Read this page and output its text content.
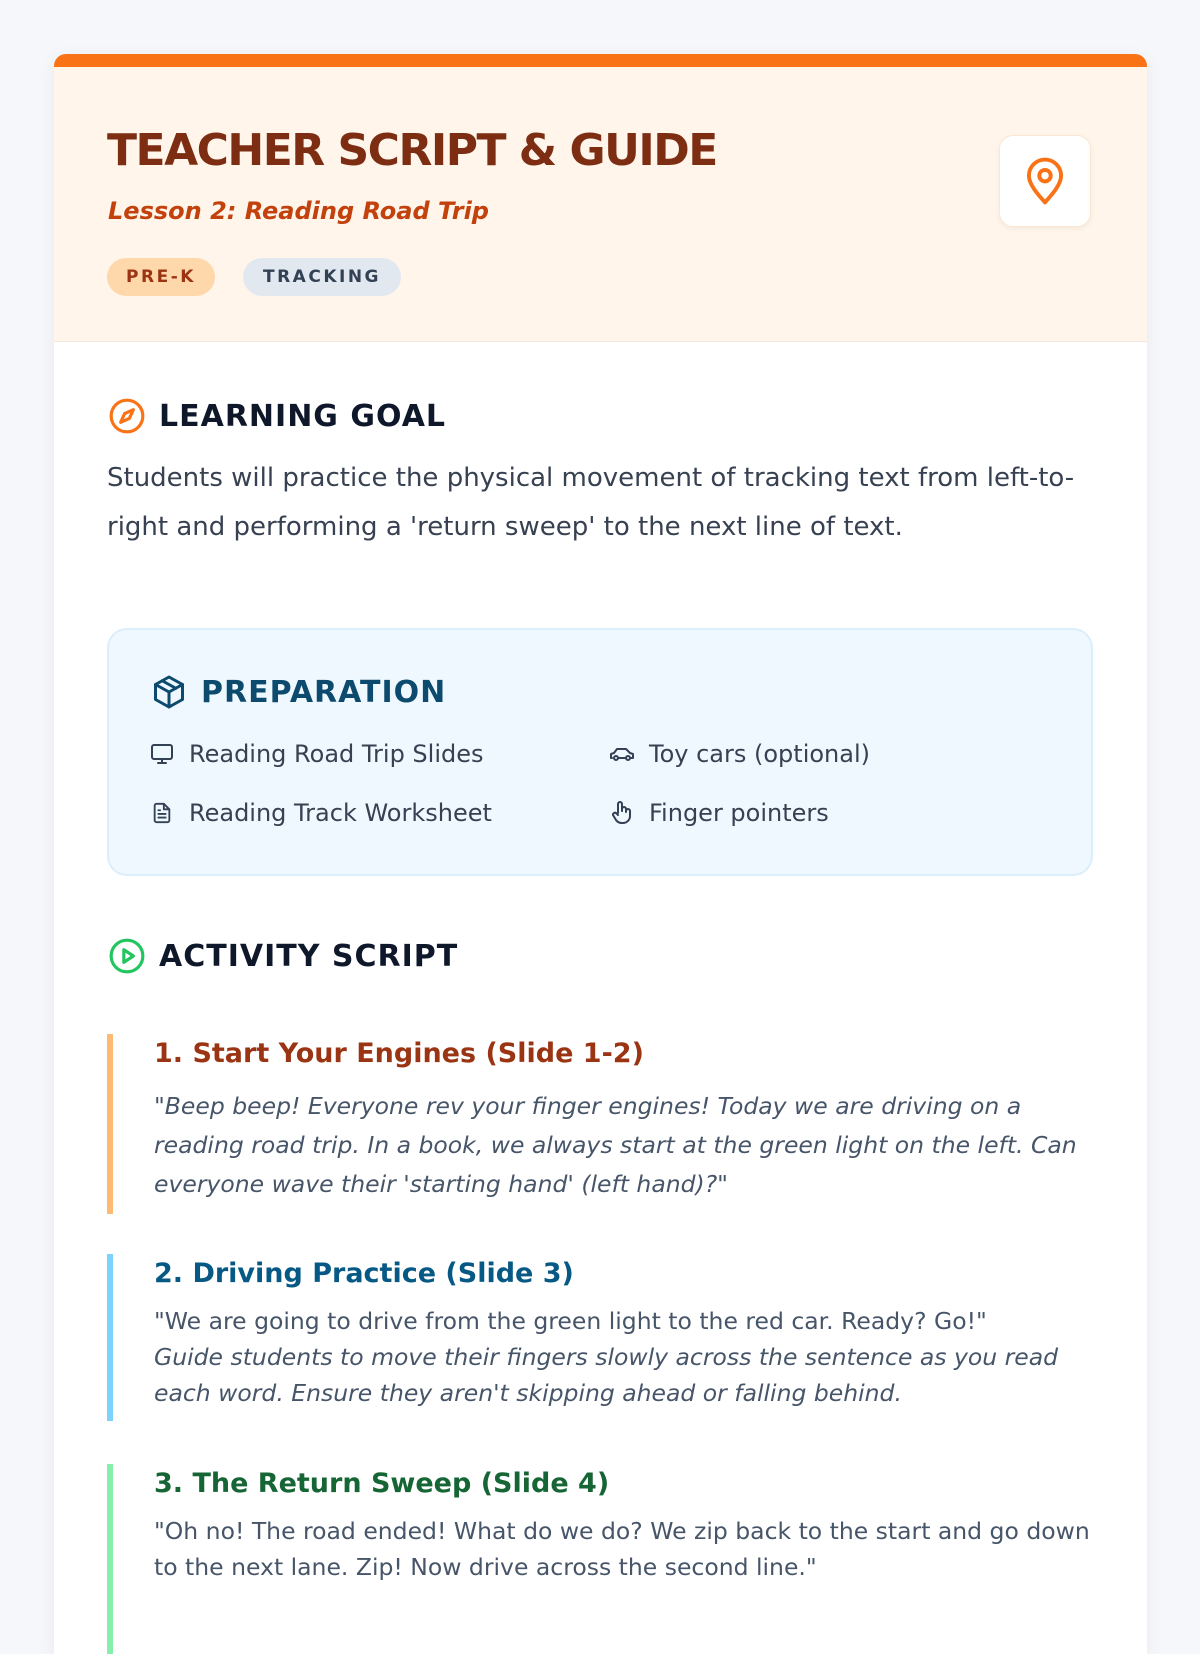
TEACHER SCRIPT & GUIDE
Lesson 2: Reading Road Trip
PRE-K	TRACKING
LEARNING GOAL
Students will practice the physical movement of tracking text from left-to-right and performing a 'return sweep' to the next line of text.
PREPARATION
Reading Road Trip Slides	Toy cars (optional)
Reading Track Worksheet	Finger pointers
ACTIVITY SCRIPT
1. Start Your Engines (Slide 1-2)
"Beep beep! Everyone rev your finger engines! Today we are driving on a reading road trip. In a book, we always start at the green light on the left. Can everyone wave their 'starting hand' (left hand)?"
2. Driving Practice (Slide 3)
"We are going to drive from the green light to the red car. Ready? Go!"
Guide students to move their fingers slowly across the sentence as you read each word. Ensure they aren't skipping ahead or falling behind.
3. The Return Sweep (Slide 4)
"Oh no! The road ended! What do we do? We zip back to the start and go down to the next lane. Zip! Now drive across the second line."
